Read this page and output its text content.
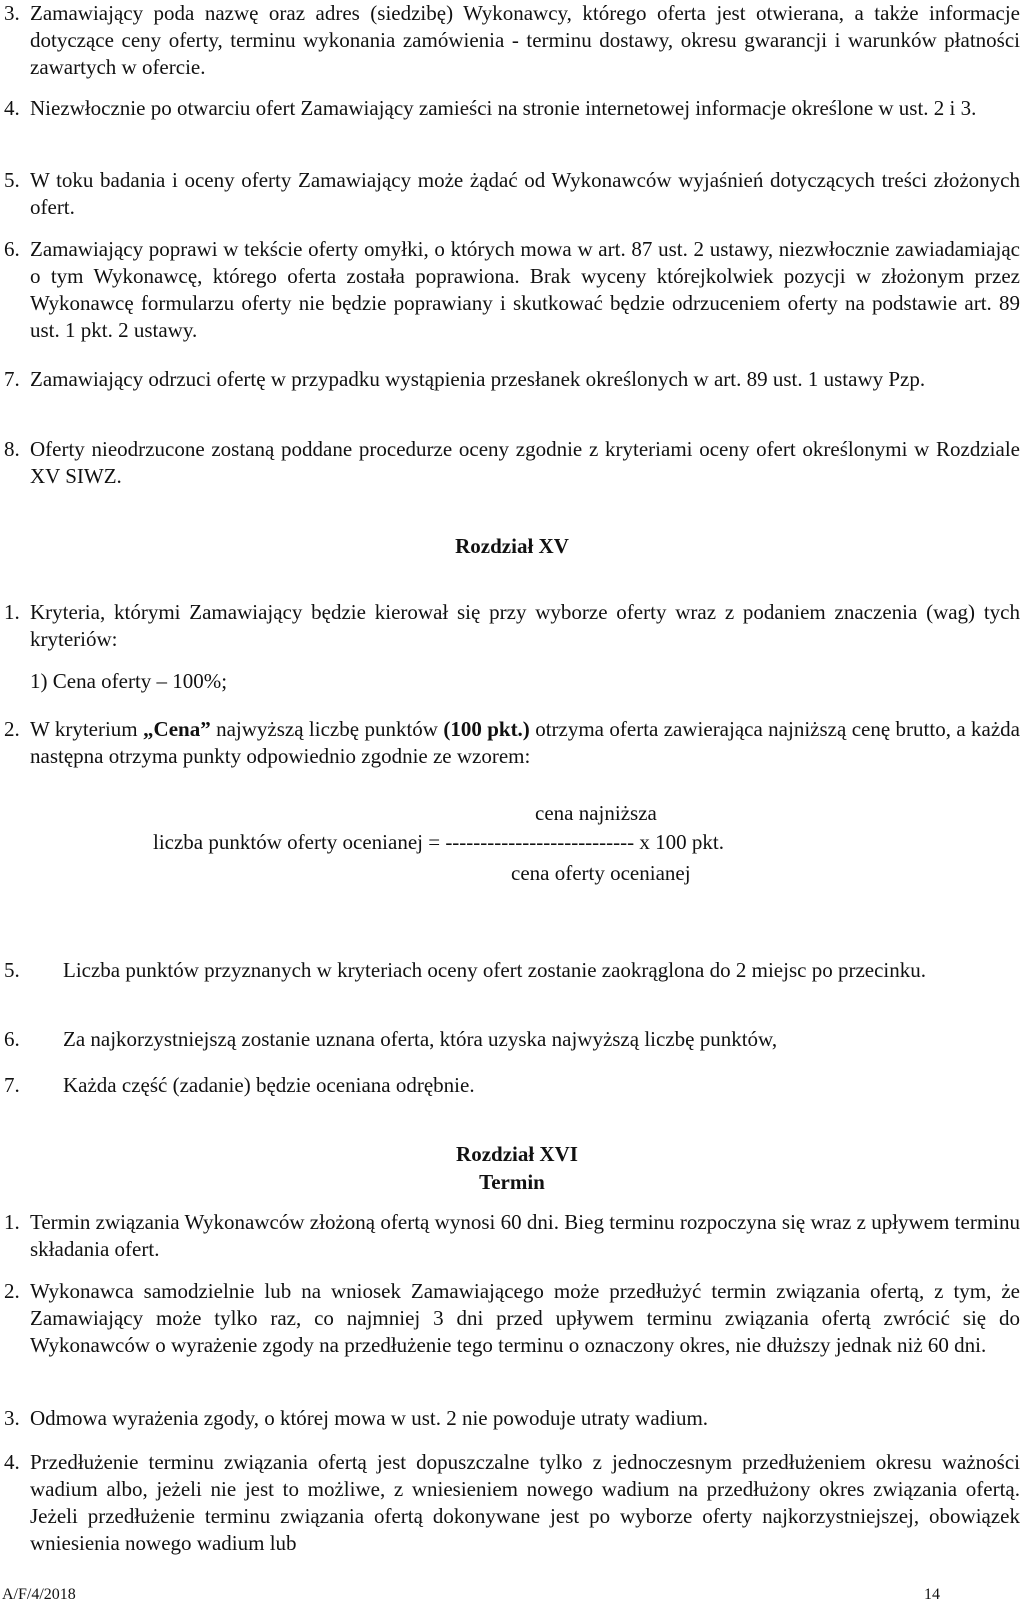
3. Zamawiający poda nazwę oraz adres (siedzibę) Wykonawcy, którego oferta jest otwierana, a także informacje dotyczące ceny oferty, terminu wykonania zamówienia - terminu dostawy, okresu gwarancji i warunków płatności zawartych w ofercie.
4. Niezwłocznie po otwarciu ofert Zamawiający zamieści na stronie internetowej informacje określone w ust. 2 i 3.
5. W toku badania i oceny oferty Zamawiający może żądać od Wykonawców wyjaśnień dotyczących treści złożonych ofert.
6. Zamawiający poprawi w tekście oferty omyłki, o których mowa w art. 87 ust. 2 ustawy, niezwłocznie zawiadamiając o tym Wykonawcę, którego oferta została poprawiona. Brak wyceny którejkolwiek pozycji w złożonym przez Wykonawcę formularzu oferty nie będzie poprawiany i skutkować będzie odrzuceniem oferty na podstawie art. 89 ust. 1 pkt. 2 ustawy.
7. Zamawiający odrzuci ofertę w przypadku wystąpienia przesłanek określonych w art. 89 ust. 1 ustawy Pzp.
8. Oferty nieodrzucone zostaną poddane procedurze oceny zgodnie z kryteriami oceny ofert określonymi w Rozdziale XV SIWZ.
Rozdział XV
1. Kryteria, którymi Zamawiający będzie kierował się przy wyborze oferty wraz z podaniem znaczenia (wag) tych kryteriów:
1) Cena oferty – 100%;
2. W kryterium „Cena” najwyższą liczbę punktów (100 pkt.) otrzyma oferta zawierająca najniższą cenę brutto, a każda następna otrzyma punkty odpowiednio zgodnie ze wzorem:
cena najniższa
liczba punktów oferty ocenianej = --------------------------- x 100 pkt.
cena oferty ocenianej
5. Liczba punktów przyznanych w kryteriach oceny ofert zostanie zaokrąglona do 2 miejsc po przecinku.
6. Za najkorzystniejszą zostanie uznana oferta, która uzyska najwyższą liczbę punktów,
7. Każda część (zadanie) będzie oceniana odrębnie.
Rozdział XVI
Termin
1. Termin związania Wykonawców złożoną ofertą wynosi 60 dni. Bieg terminu rozpoczyna się wraz z upływem terminu składania ofert.
2. Wykonawca samodzielnie lub na wniosek Zamawiającego może przedłużyć termin związania ofertą, z tym, że Zamawiający może tylko raz, co najmniej 3 dni przed upływem terminu związania ofertą zwrócić się do Wykonawców o wyrażenie zgody na przedłużenie tego terminu o oznaczony okres, nie dłuższy jednak niż 60 dni.
3. Odmowa wyrażenia zgody, o której mowa w ust. 2 nie powoduje utraty wadium.
4. Przedłużenie terminu związania ofertą jest dopuszczalne tylko z jednoczesnym przedłużeniem okresu ważności wadium albo, jeżeli nie jest to możliwe, z wniesieniem nowego wadium na przedłużony okres związania ofertą. Jeżeli przedłużenie terminu związania ofertą dokonywane jest po wyborze oferty najkorzystniejszej, obowiązek wniesienia nowego wadium lub
A/F/4/2018	14
